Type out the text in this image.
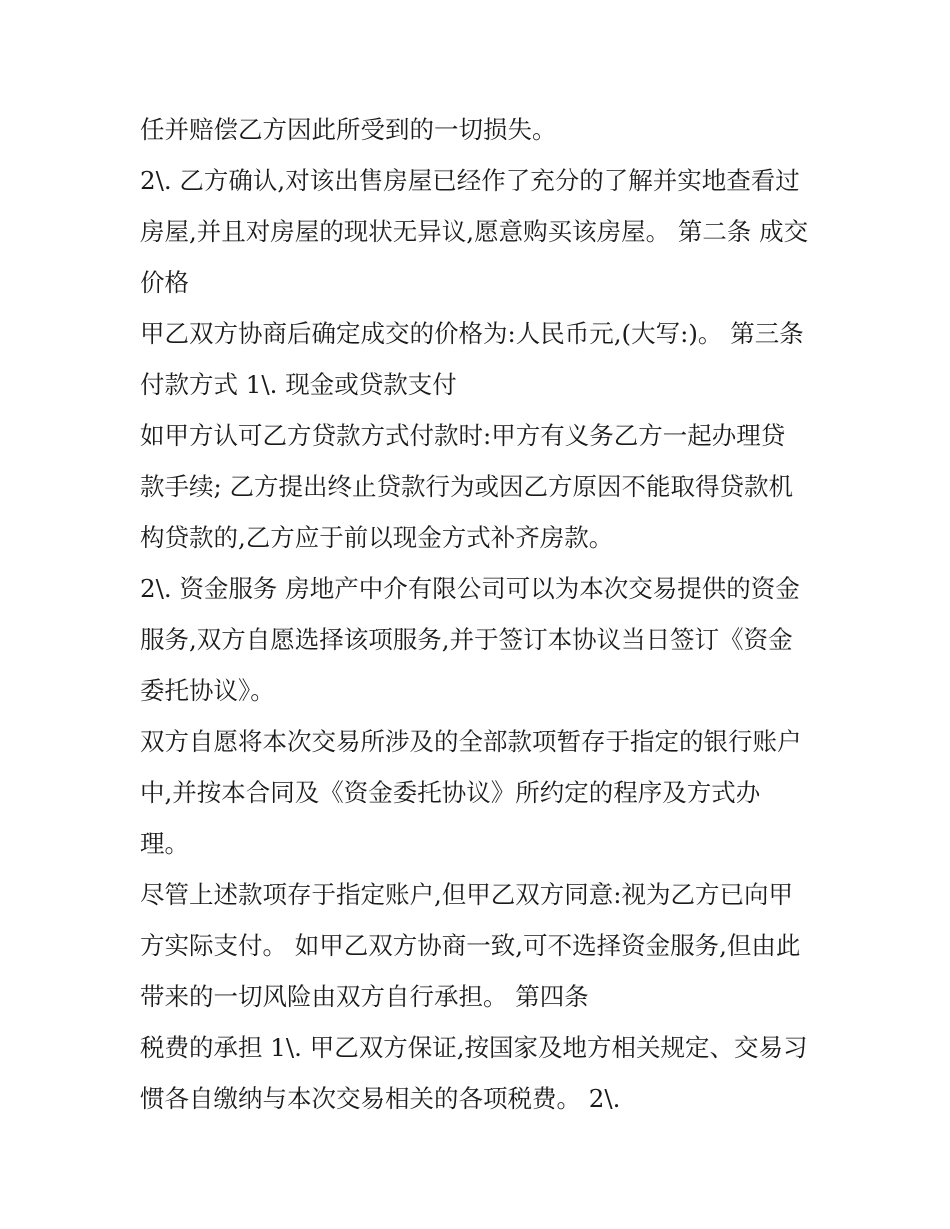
任并赔偿乙方因此所受到的一切损失。
2\. 乙方确认,对该出售房屋已经作了充分的了解并实地查看过
房屋,并且对房屋的现状无异议,愿意购买该房屋。 第二条 成交
价格
甲乙双方协商后确定成交的价格为:人民币元,(大写:)。 第三条
付款方式 1\. 现金或贷款支付
如甲方认可乙方贷款方式付款时:甲方有义务乙方一起办理贷
款手续; 乙方提出终止贷款行为或因乙方原因不能取得贷款机
构贷款的,乙方应于前以现金方式补齐房款。
2\. 资金服务 房地产中介有限公司可以为本次交易提供的资金
服务,双方自愿选择该项服务,并于签订本协议当日签订《资金
委托协议》。
双方自愿将本次交易所涉及的全部款项暂存于指定的银行账户
中,并按本合同及《资金委托协议》所约定的程序及方式办
理。
尽管上述款项存于指定账户,但甲乙双方同意:视为乙方已向甲
方实际支付。 如甲乙双方协商一致,可不选择资金服务,但由此
带来的一切风险由双方自行承担。 第四条
税费的承担 1\. 甲乙双方保证,按国家及地方相关规定、交易习
惯各自缴纳与本次交易相关的各项税费。 2\.
